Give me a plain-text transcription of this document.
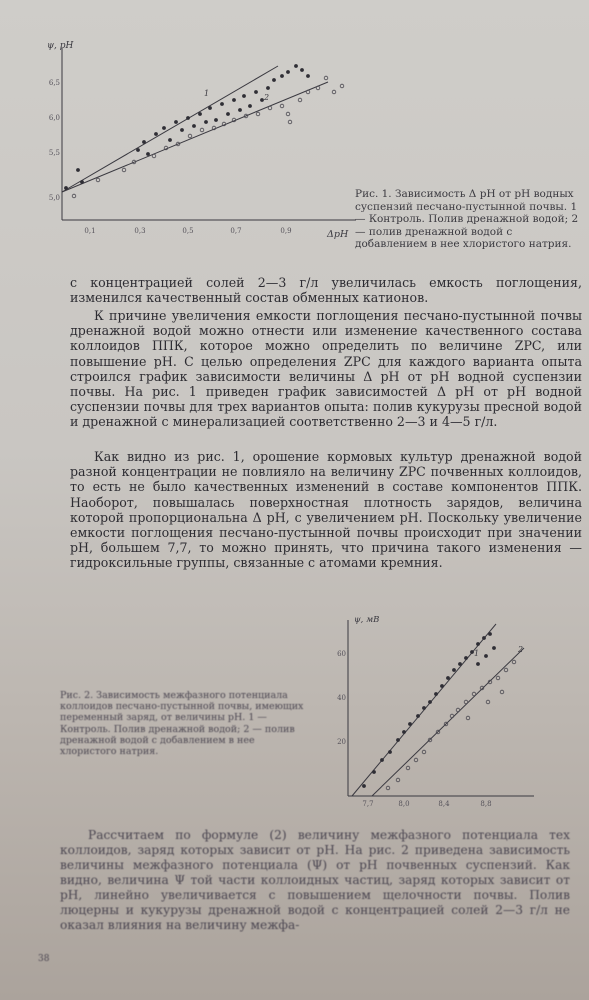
ψ, рН
ΔpH
6,5
6,0
5,5
5,0
0,1	0,3	0,5	0,7	0,9
1	2
Рис. 1. Зависимость Δ рН от рН водных суспензий песчано-пустынной почвы. 1 — Контроль. Полив дренажной водой; 2 — полив дренажной водой с добавлением в нее хлористого натрия.
с концентрацией солей 2—3 г/л увеличилась емкость поглощения, изменился качественный состав обменных катионов.
К причине увеличения емкости поглощения песчано-пустынной почвы дренажной водой можно отнести или изменение качественного состава коллоидов ППК, которое можно определить по величине ZPC, или повышение рН. С целью определения ZPC для каждого варианта опыта строился график зависимости величины Δ рН от рН водной суспензии почвы. На рис. 1 приведен график зависимостей Δ рН от рН водной суспензии почвы для трех вариантов опыта: полив кукурузы пресной водой и дренажной с минерализацией соответственно 2—3 и 4—5 г/л.
Как видно из рис. 1, орошение кормовых культур дренажной водой разной концентрации не повлияло на величину ZPC почвенных коллоидов, то есть не было качественных изменений в составе компонентов ППК. Наоборот, повышалась поверхностная плотность зарядов, величина которой пропорциональна Δ рН, с увеличением рН. Поскольку увеличение емкости поглощения песчано-пустынной почвы происходит при значении рН, большем 7,7, то можно принять, что причина такого изменения — гидроксильные группы, связанные с атомами кремния.
ψ, мВ
60
40
20
7,7	8,0	8,4	8,8
1	2
Рис. 2. Зависимость межфазного потенциала коллоидов песчано-пустынной почвы, имеющих переменный заряд, от величины рН. 1 — Контроль. Полив дренажной водой; 2 — полив дренажной водой с добавлением в нее хлористого натрия.
Рассчитаем по формуле (2) величину межфазного потенциала тех коллоидов, заряд которых зависит от рН. На рис. 2 приведена зависимость величины межфазного потенциала (Ψ) от рН почвенных суспензий. Как видно, величина Ψ той части коллоидных частиц, заряд которых зависит от рН, линейно увеличивается с повышением щелочности почвы. Полив люцерны и кукурузы дренажной водой с концентрацией солей 2—3 г/л не оказал влияния на величину межфа-
38
